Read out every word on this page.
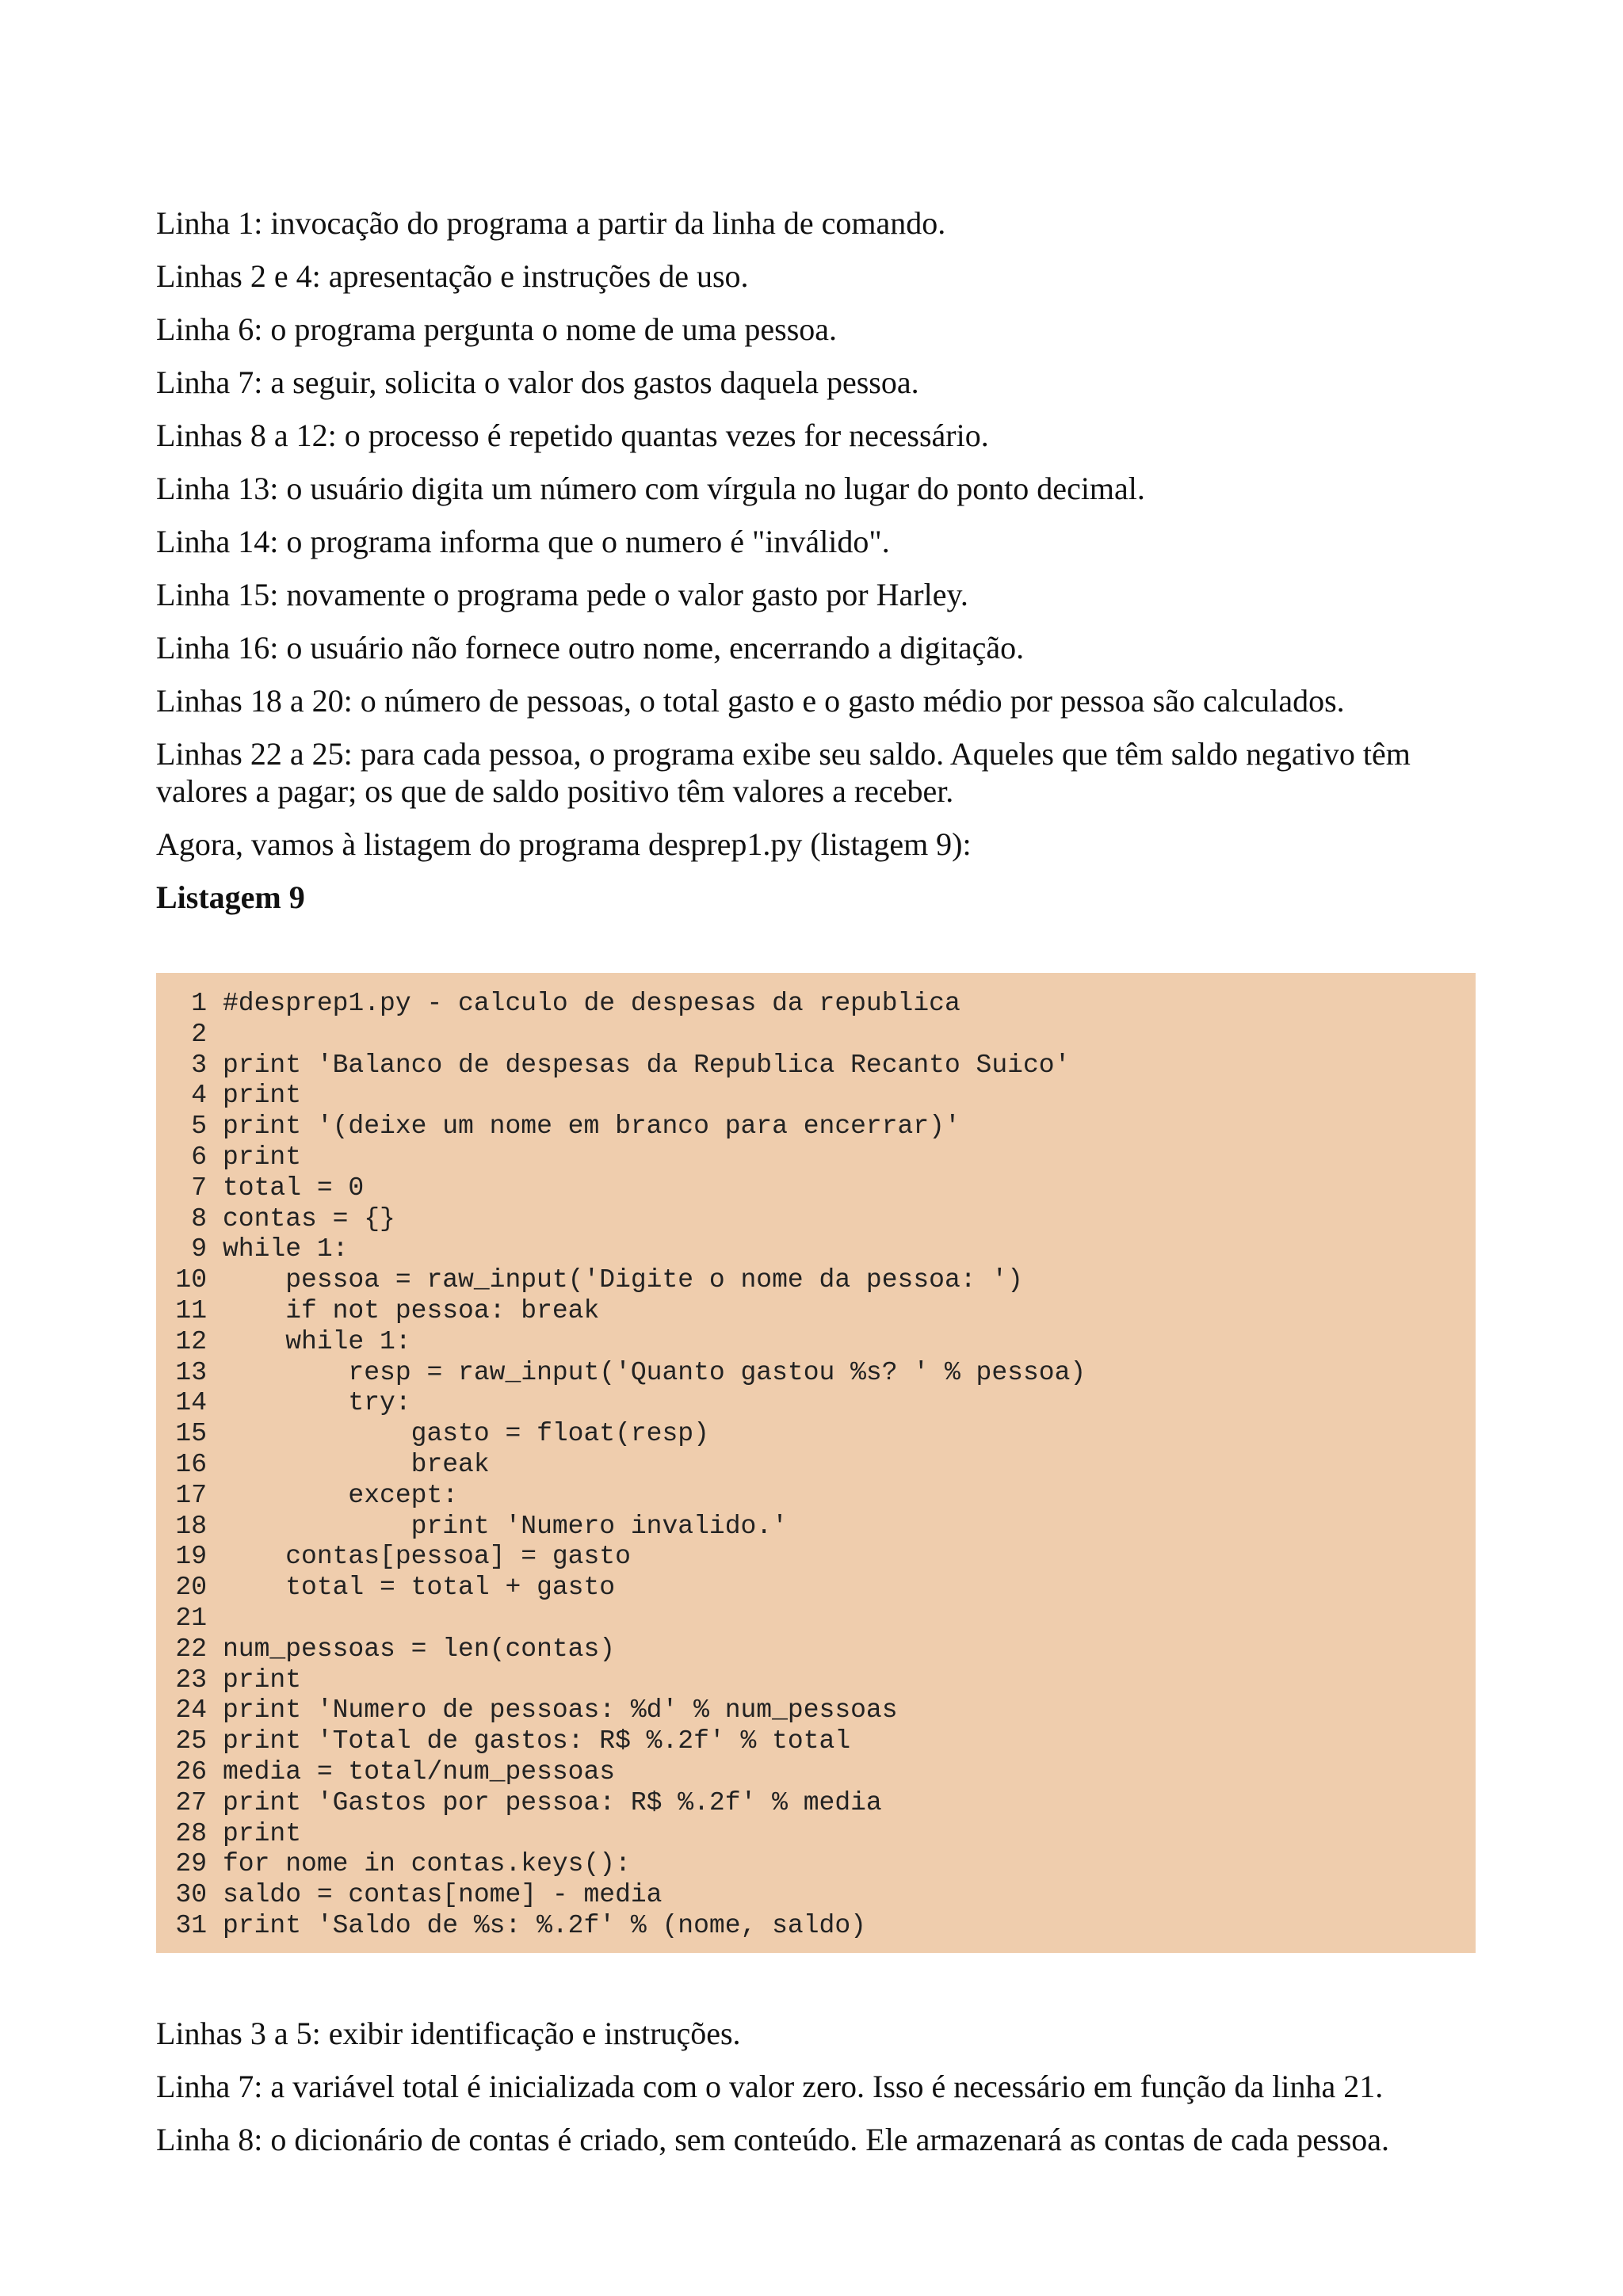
Linha 1: invocação do programa a partir da linha de comando.

Linhas 2 e 4: apresentação e instruções de uso.

Linha 6: o programa pergunta o nome de uma pessoa.

Linha 7: a seguir, solicita o valor dos gastos daquela pessoa.

Linhas 8 a 12: o processo é repetido quantas vezes for necessário.

Linha 13: o usuário digita um número com vírgula no lugar do ponto decimal.

Linha 14: o programa informa que o numero é "inválido".

Linha 15: novamente o programa pede o valor gasto por Harley.

Linha 16: o usuário não fornece outro nome, encerrando a digitação.

Linhas 18 a 20: o número de pessoas, o total gasto e o gasto médio por pessoa são calculados.

Linhas 22 a 25: para cada pessoa, o programa exibe seu saldo. Aqueles que têm saldo negativo têm valores a pagar; os que de saldo positivo têm valores a receber.

Agora, vamos à listagem do programa desprep1.py (listagem 9):

Listagem 9

1 #desprep1.py - calculo de despesas da republica
2
3 print 'Balanco de despesas da Republica Recanto Suico'
4 print
5 print '(deixe um nome em branco para encerrar)'
6 print
7 total = 0
8 contas = {}
9 while 1:
10    pessoa = raw_input('Digite o nome da pessoa: ')
11    if not pessoa: break
12    while 1:
13        resp = raw_input('Quanto gastou %s? ' % pessoa)
14        try:
15            gasto = float(resp)
16            break
17        except:
18            print 'Numero invalido.'
19    contas[pessoa] = gasto
20    total = total + gasto
21
22 num_pessoas = len(contas)
23 print
24 print 'Numero de pessoas: %d' % num_pessoas
25 print 'Total de gastos: R$ %.2f' % total
26 media = total/num_pessoas
27 print 'Gastos por pessoa: R$ %.2f' % media
28 print
29 for nome in contas.keys():
30 saldo = contas[nome] - media
31 print 'Saldo de %s: %.2f' % (nome, saldo)

Linhas 3 a 5: exibir identificação e instruções.

Linha 7: a variável total é inicializada com o valor zero. Isso é necessário em função da linha 21.

Linha 8: o dicionário de contas é criado, sem conteúdo. Ele armazenará as contas de cada pessoa.
